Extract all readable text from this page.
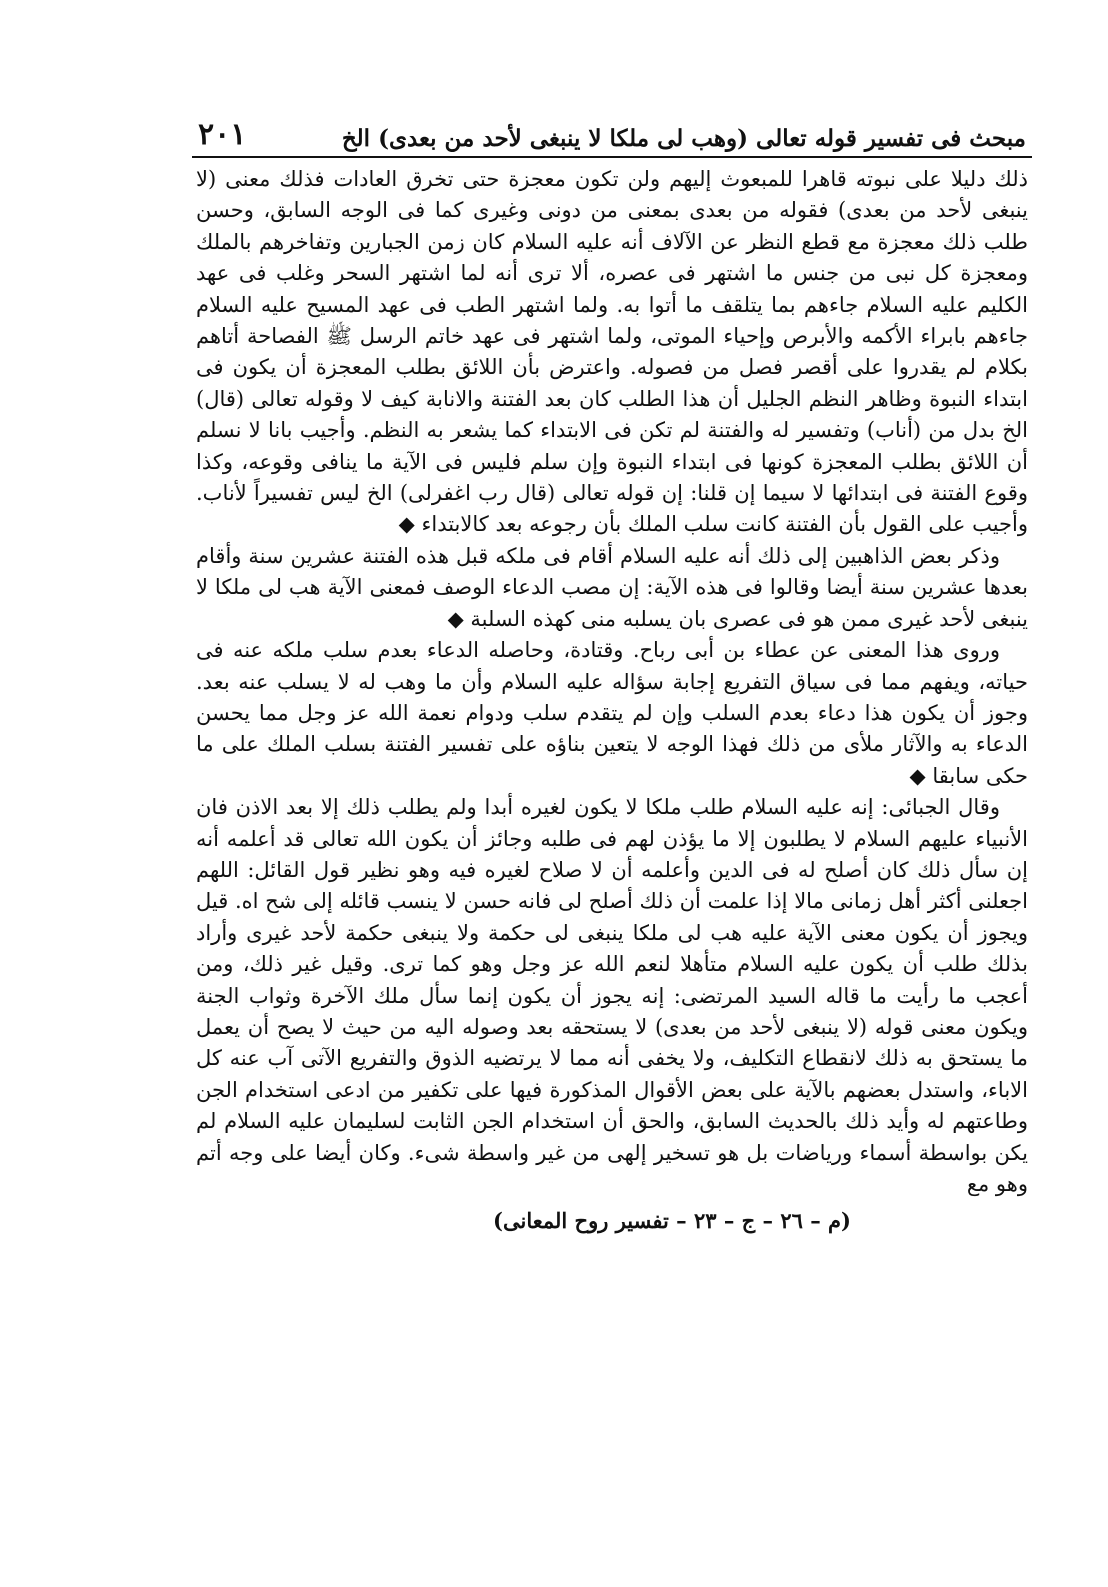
مبحث فى تفسير قوله تعالى (وهب لى ملكا لا ينبغى لأحد من بعدى) الخ
٢٠١

ذلك دليلا على نبوته قاهرا للمبعوث إليهم ولن تكون معجزة حتى تخرق العادات فذلك معنى (لا ينبغى لأحد من بعدى) فقوله من بعدى بمعنى من دونى وغيرى كما فى الوجه السابق، وحسن طلب ذلك معجزة مع قطع النظر عن الآلاف أنه عليه السلام كان زمن الجبارين وتفاخرهم بالملك ومعجزة كل نبى من جنس ما اشتهر فى عصره، ألا ترى أنه لما اشتهر السحر وغلب فى عهد الكليم عليه السلام جاءهم بما يتلقف ما أتوا به. ولما اشتهر الطب فى عهد المسيح عليه السلام جاءهم بابراء الأكمه والأبرص وإحياء الموتى، ولما اشتهر فى عهد خاتم الرسل ﷺ الفصاحة أتاهم بكلام لم يقدروا على أقصر فصل من فصوله. واعترض بأن اللائق بطلب المعجزة أن يكون فى ابتداء النبوة وظاهر النظم الجليل أن هذا الطلب كان بعد الفتنة والانابة كيف لا وقوله تعالى (قال) الخ بدل من (أناب) وتفسير له والفتنة لم تكن فى الابتداء كما يشعر به النظم. وأجيب بانا لا نسلم أن اللائق بطلب المعجزة كونها فى ابتداء النبوة وإن سلم فليس فى الآية ما ينافى وقوعه، وكذا وقوع الفتنة فى ابتدائها لا سيما إن قلنا: إن قوله تعالى (قال رب اغفرلى) الخ ليس تفسيراً لأناب. وأجيب على القول بأن الفتنة كانت سلب الملك بأن رجوعه بعد كالابتداء ◆

وذكر بعض الذاهبين إلى ذلك أنه عليه السلام أقام فى ملكه قبل هذه الفتنة عشرين سنة وأقام بعدها عشرين سنة أيضا وقالوا فى هذه الآية: إن مصب الدعاء الوصف فمعنى الآية هب لى ملكا لا ينبغى لأحد غيرى ممن هو فى عصرى بان يسلبه منى كهذه السلبة ◆

وروى هذا المعنى عن عطاء بن أبى رباح. وقتادة، وحاصله الدعاء بعدم سلب ملكه عنه فى حياته، ويفهم مما فى سياق التفريع إجابة سؤاله عليه السلام وأن ما وهب له لا يسلب عنه بعد. وجوز أن يكون هذا دعاء بعدم السلب وإن لم يتقدم سلب ودوام نعمة الله عز وجل مما يحسن الدعاء به والآثار ملأى من ذلك فهذا الوجه لا يتعين بناؤه على تفسير الفتنة بسلب الملك على ما حكى سابقا ◆

وقال الجبائى: إنه عليه السلام طلب ملكا لا يكون لغيره أبدا ولم يطلب ذلك إلا بعد الاذن فان الأنبياء عليهم السلام لا يطلبون إلا ما يؤذن لهم فى طلبه وجائز أن يكون الله تعالى قد أعلمه أنه إن سأل ذلك كان أصلح له فى الدين وأعلمه أن لا صلاح لغيره فيه وهو نظير قول القائل: اللهم اجعلنى أكثر أهل زمانى مالا إذا علمت أن ذلك أصلح لى فانه حسن لا ينسب قائله إلى شح اه. قيل ويجوز أن يكون معنى الآية عليه هب لى ملكا ينبغى لى حكمة ولا ينبغى حكمة لأحد غيرى وأراد بذلك طلب أن يكون عليه السلام متأهلا لنعم الله عز وجل وهو كما ترى. وقيل غير ذلك، ومن أعجب ما رأيت ما قاله السيد المرتضى: إنه يجوز أن يكون إنما سأل ملك الآخرة وثواب الجنة ويكون معنى قوله (لا ينبغى لأحد من بعدى) لا يستحقه بعد وصوله اليه من حيث لا يصح أن يعمل ما يستحق به ذلك لانقطاع التكليف، ولا يخفى أنه مما لا يرتضيه الذوق والتفريع الآتى آب عنه كل الاباء، واستدل بعضهم بالآية على بعض الأقوال المذكورة فيها على تكفير من ادعى استخدام الجن وطاعتهم له وأيد ذلك بالحديث السابق، والحق أن استخدام الجن الثابت لسليمان عليه السلام لم يكن بواسطة أسماء ورياضات بل هو تسخير إلهى من غير واسطة شىء. وكان أيضا على وجه أتم وهو مع

(م – ٢٦ – ج – ٢٣ – تفسير روح المعانى)
